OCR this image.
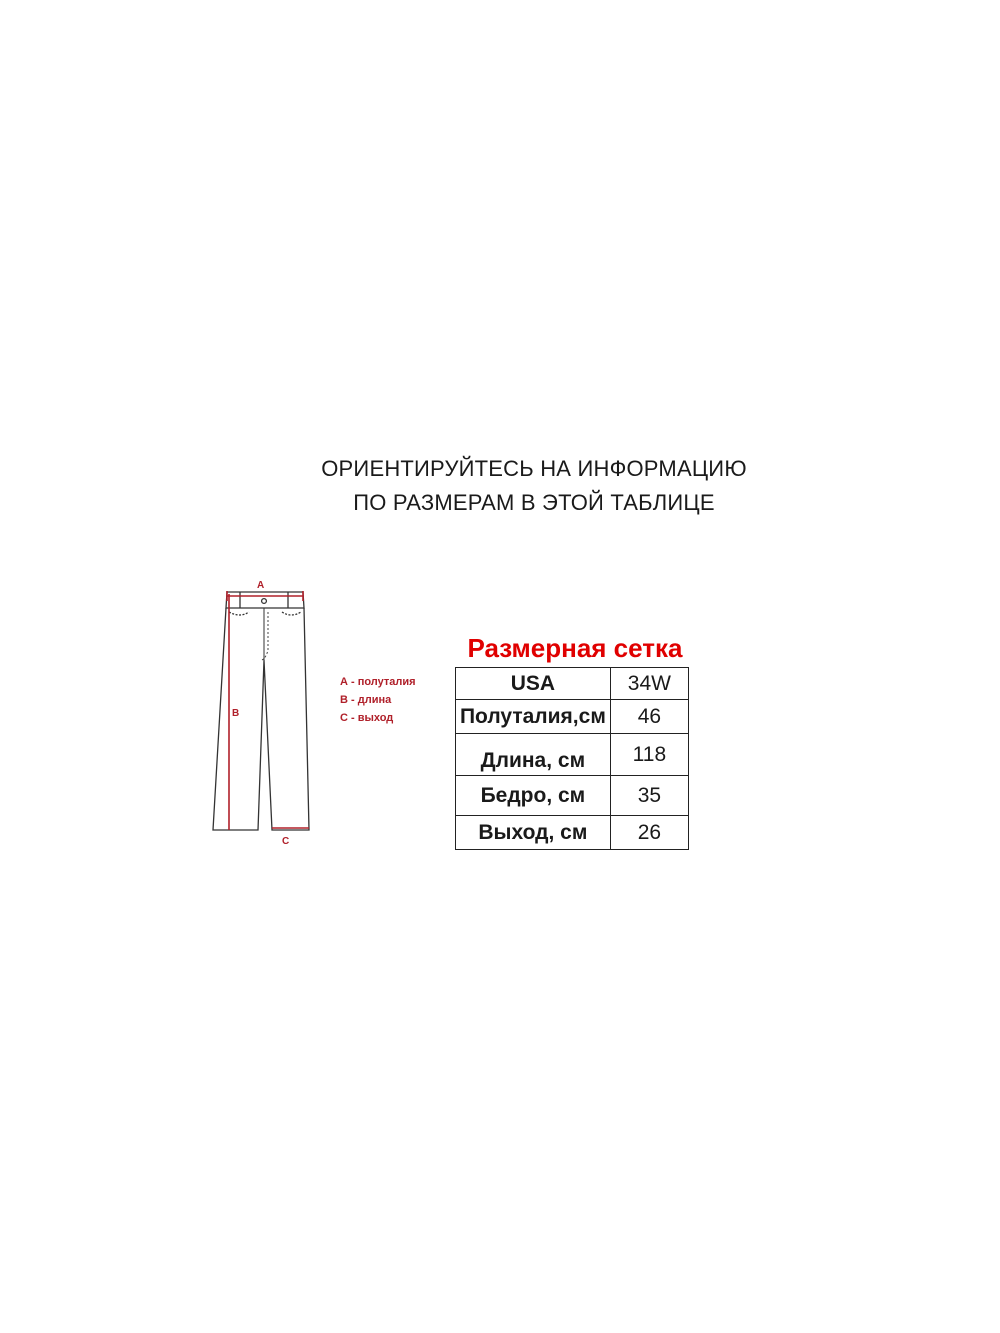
ОРИЕНТИРУЙТЕСЬ НА ИНФОРМАЦИЮ
ПО РАЗМЕРАМ В ЭТОЙ ТАБЛИЦЕ
A
B
C
А - полуталия
В - длина
С - выход
Размерная сетка
USA	34W
Полуталия,см	46
Длина, см	118
Бедро, см	35
Выход, см	26
